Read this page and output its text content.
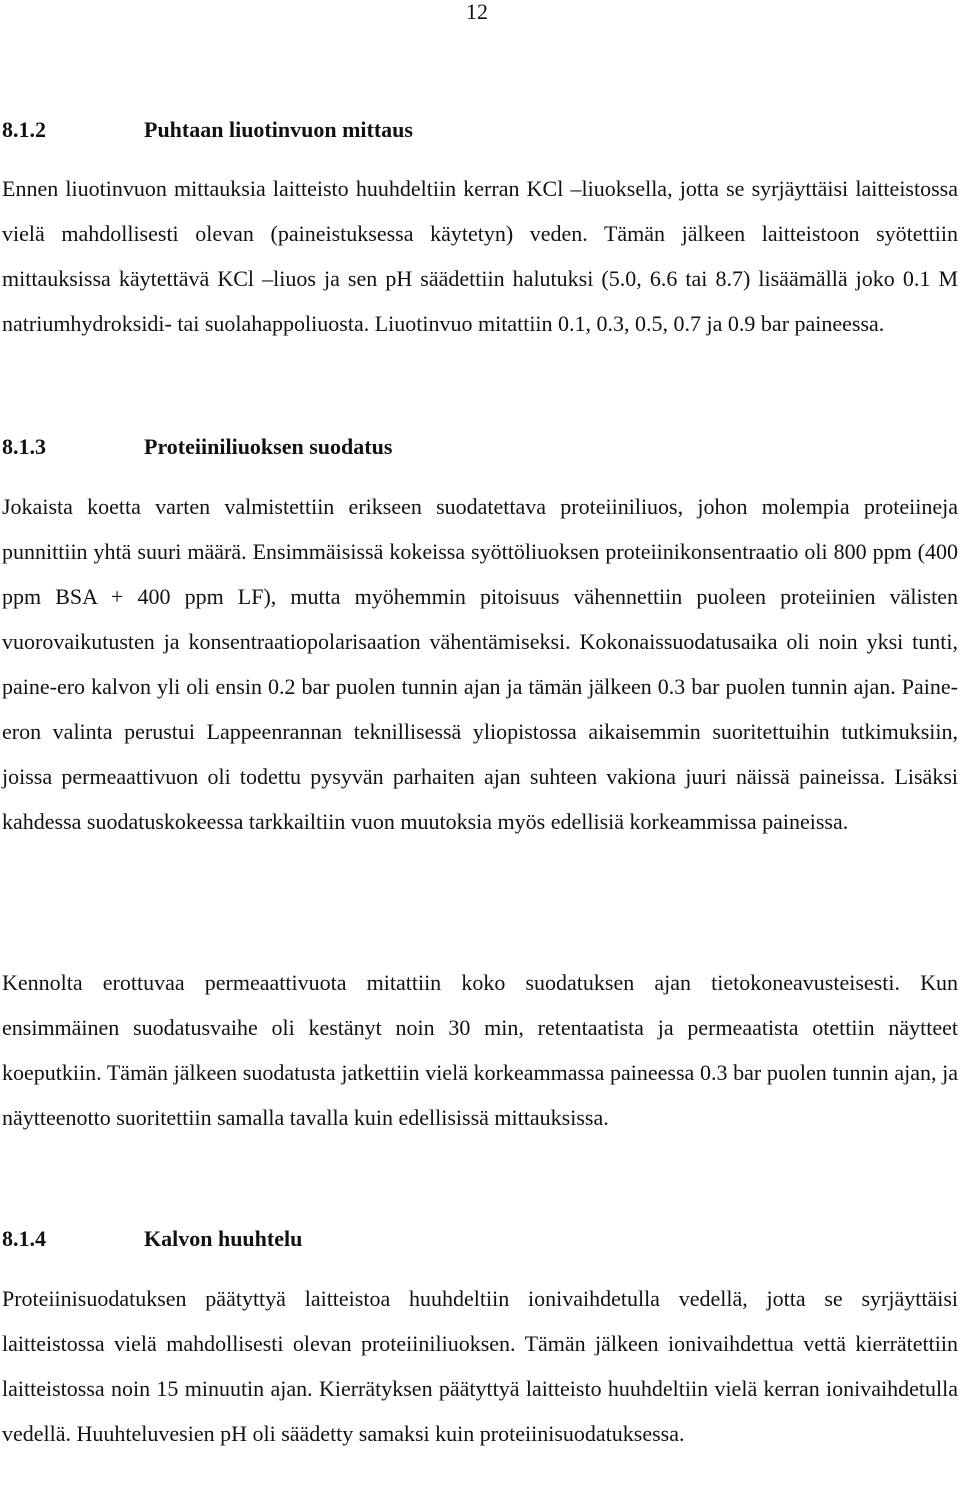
12
8.1.2	Puhtaan liuotinvuon mittaus

Ennen liuotinvuon mittauksia laitteisto huuhdeltiin kerran KCl –liuoksella, jotta se syrjäyttäisi laitteistossa vielä mahdollisesti olevan (paineistuksessa käytetyn) veden. Tämän jälkeen laitteistoon syötettiin mittauksissa käytettävä KCl –liuos ja sen pH säädettiin halutuksi (5.0, 6.6 tai 8.7) lisäämällä joko 0.1 M natriumhydroksidi- tai suolahappoliuosta. Liuotinvuo mitattiin 0.1, 0.3, 0.5, 0.7 ja 0.9 bar paineessa.

8.1.3	Proteiiniliuoksen suodatus

Jokaista koetta varten valmistettiin erikseen suodatettava proteiiniliuos, johon molempia proteiineja punnittiin yhtä suuri määrä. Ensimmäisissä kokeissa syöttöliuoksen proteiinikonsentraatio oli 800 ppm (400 ppm BSA + 400 ppm LF), mutta myöhemmin pitoisuus vähennettiin puoleen proteiinien välisten vuorovaikutusten ja konsentraatiopolarisaation vähentämiseksi. Kokonaissuodatusaika oli noin yksi tunti, paine-ero kalvon yli oli ensin 0.2 bar puolen tunnin ajan ja tämän jälkeen 0.3 bar puolen tunnin ajan. Paine-eron valinta perustui Lappeenrannan teknillisessä yliopistossa aikaisemmin suoritettuihin tutkimuksiin, joissa permeaattivuon oli todettu pysyvän parhaiten ajan suhteen vakiona juuri näissä paineissa. Lisäksi kahdessa suodatuskokeessa tarkkailtiin vuon muutoksia myös edellisiä korkeammissa paineissa.

Kennolta erottuvaa permeaattivuota mitattiin koko suodatuksen ajan tietokoneavusteisesti. Kun ensimmäinen suodatusvaihe oli kestänyt noin 30 min, retentaatista ja permeaatista otettiin näytteet koeputkiin. Tämän jälkeen suodatusta jatkettiin vielä korkeammassa paineessa 0.3 bar puolen tunnin ajan, ja näytteenotto suoritettiin samalla tavalla kuin edellisissä mittauksissa.

8.1.4	Kalvon huuhtelu

Proteiinisuodatuksen päätyttyä laitteistoa huuhdeltiin ionivaihdetulla vedellä, jotta se syrjäyttäisi laitteistossa vielä mahdollisesti olevan proteiiniliuoksen. Tämän jälkeen ionivaihdettua vettä kierrätettiin laitteistossa noin 15 minuutin ajan. Kierrätyksen päätyttyä laitteisto huuhdeltiin vielä kerran ionivaihdetulla vedellä. Huuhteluvesien pH oli säädetty samaksi kuin proteiinisuodatuksessa.
